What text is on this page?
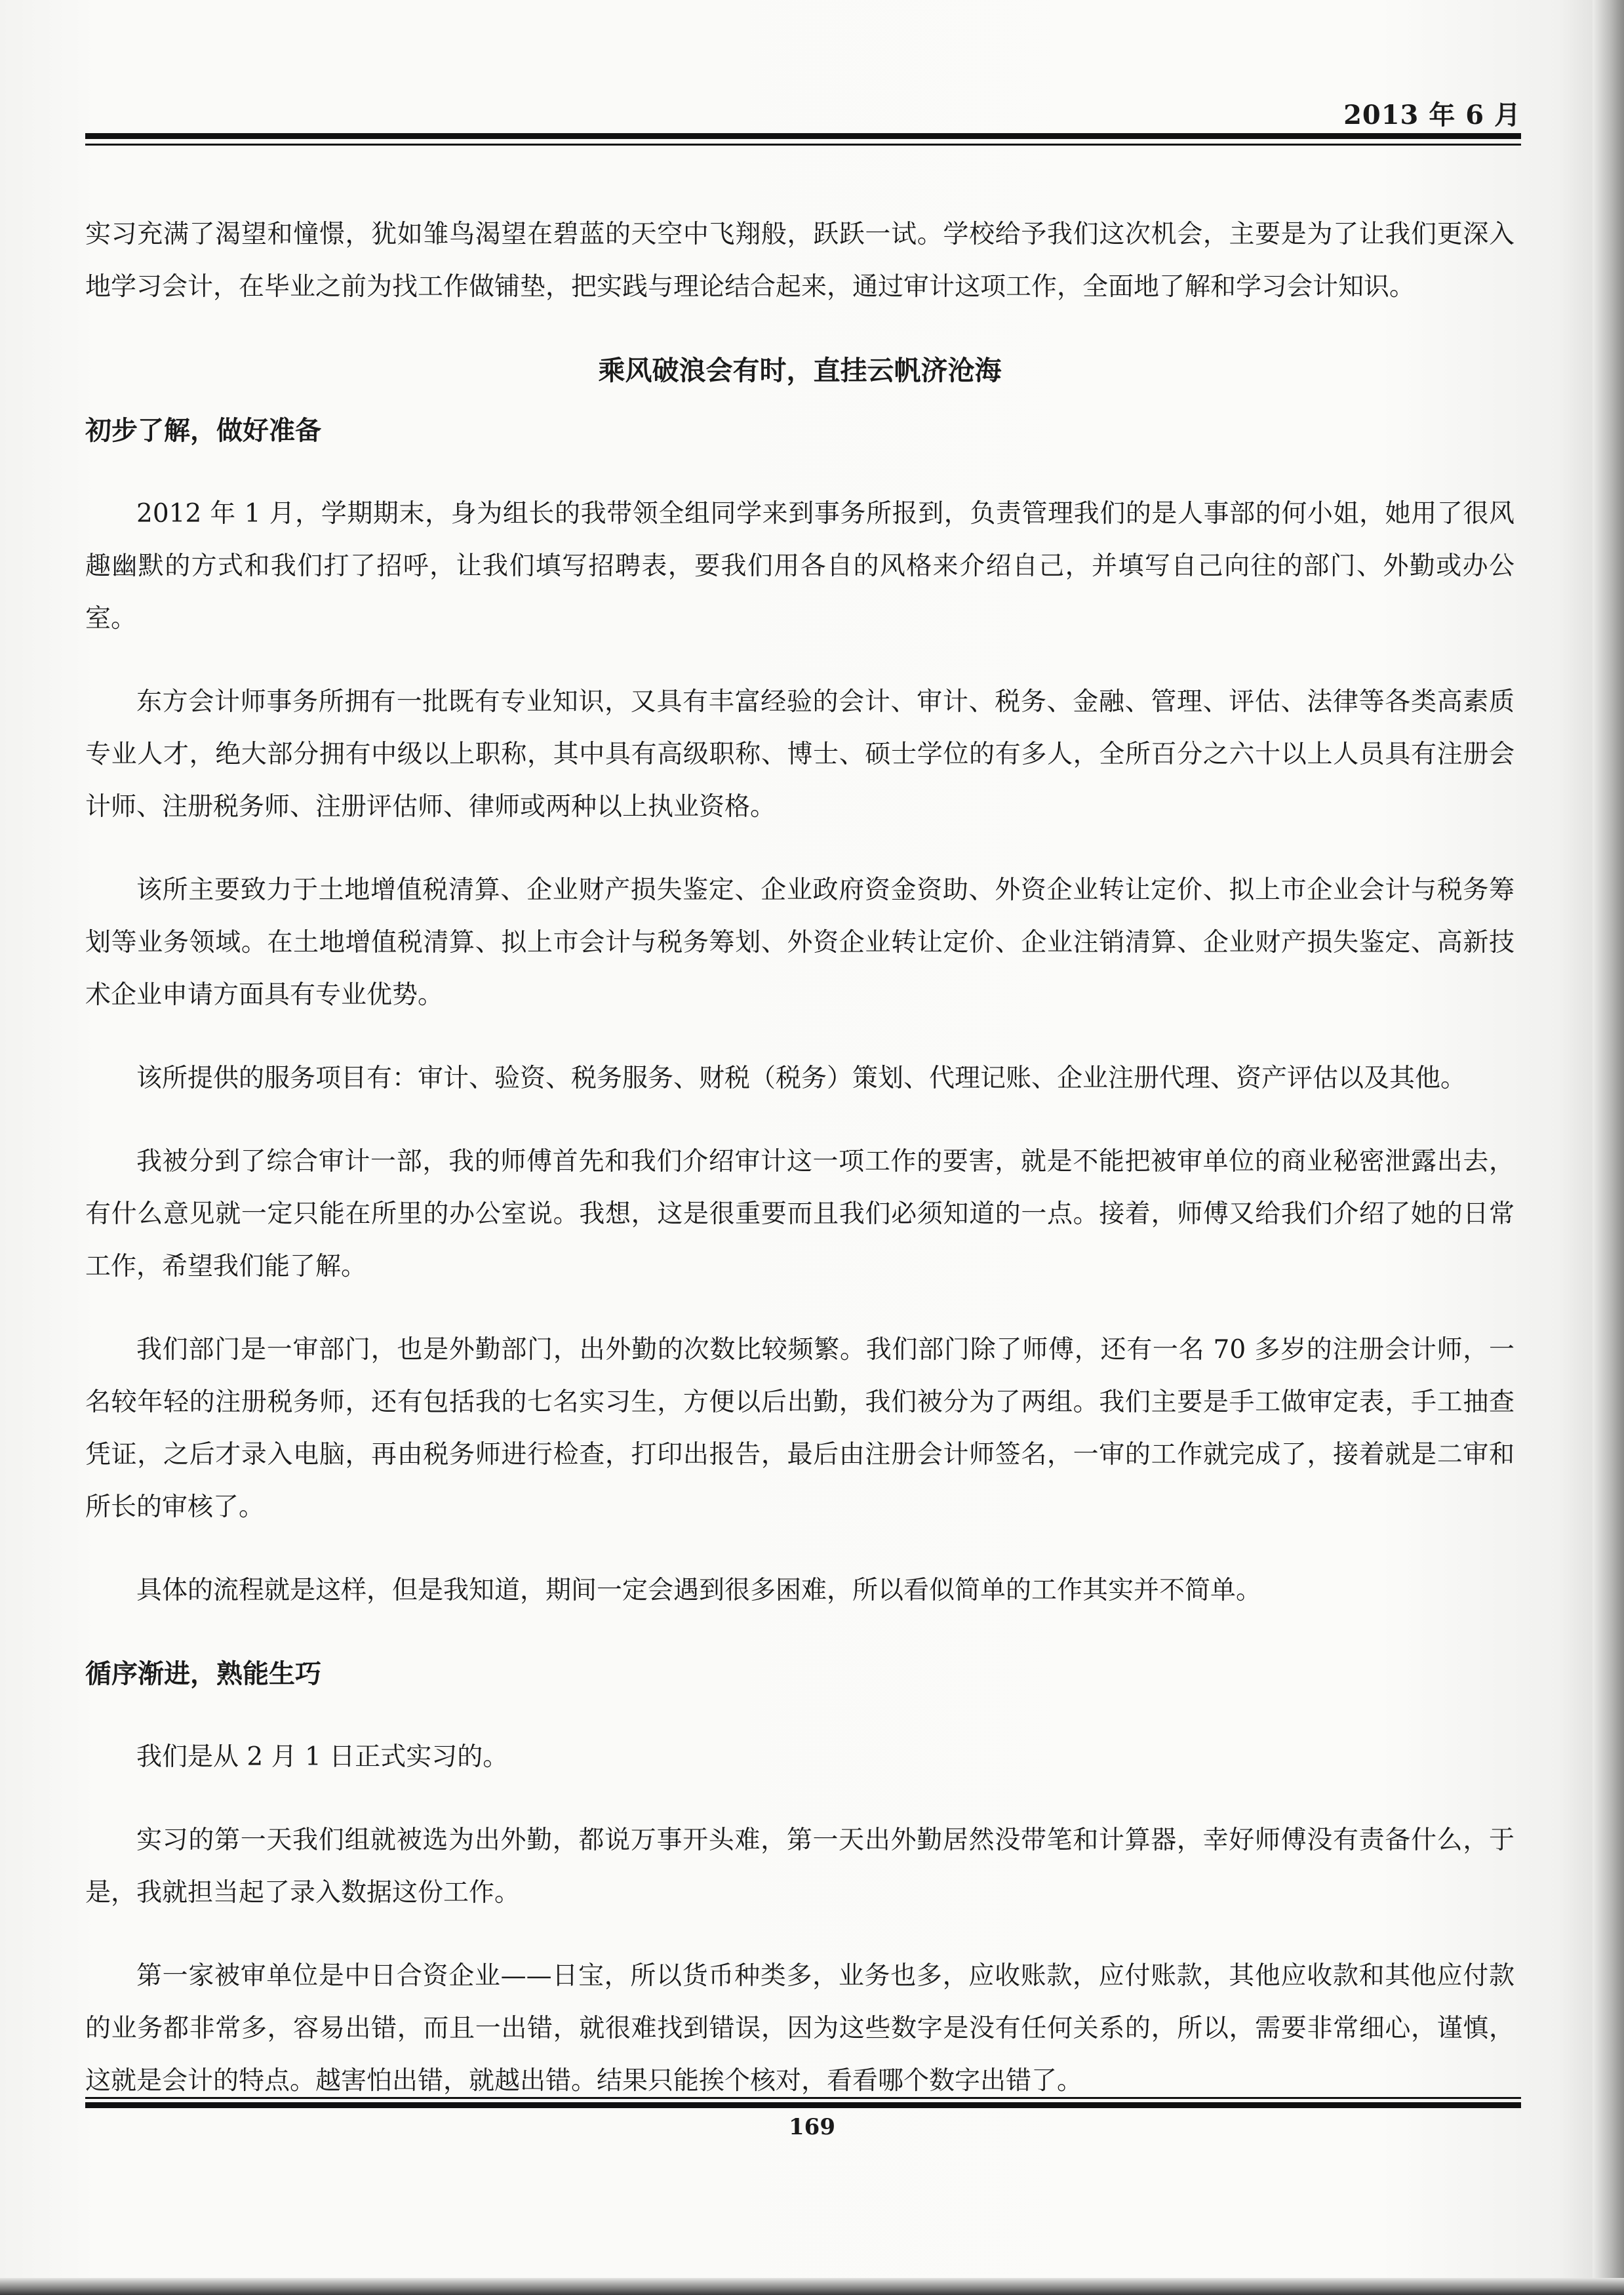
2013 年 6 月

实习充满了渴望和憧憬，犹如雏鸟渴望在碧蓝的天空中飞翔般，跃跃一试。学校给予我们这次机会，主要是为了让我们更深入地学习会计，在毕业之前为找工作做铺垫，把实践与理论结合起来，通过审计这项工作，全面地了解和学习会计知识。

乘风破浪会有时，直挂云帆济沧海
初步了解，做好准备

2012 年 1 月，学期期末，身为组长的我带领全组同学来到事务所报到，负责管理我们的是人事部的何小姐，她用了很风趣幽默的方式和我们打了招呼，让我们填写招聘表，要我们用各自的风格来介绍自己，并填写自己向往的部门、外勤或办公室。

东方会计师事务所拥有一批既有专业知识，又具有丰富经验的会计、审计、税务、金融、管理、评估、法律等各类高素质专业人才，绝大部分拥有中级以上职称，其中具有高级职称、博士、硕士学位的有多人，全所百分之六十以上人员具有注册会计师、注册税务师、注册评估师、律师或两种以上执业资格。

该所主要致力于土地增值税清算、企业财产损失鉴定、企业政府资金资助、外资企业转让定价、拟上市企业会计与税务筹划等业务领域。在土地增值税清算、拟上市会计与税务筹划、外资企业转让定价、企业注销清算、企业财产损失鉴定、高新技术企业申请方面具有专业优势。

该所提供的服务项目有：审计、验资、税务服务、财税（税务）策划、代理记账、企业注册代理、资产评估以及其他。

我被分到了综合审计一部，我的师傅首先和我们介绍审计这一项工作的要害，就是不能把被审单位的商业秘密泄露出去，有什么意见就一定只能在所里的办公室说。我想，这是很重要而且我们必须知道的一点。接着，师傅又给我们介绍了她的日常工作，希望我们能了解。

我们部门是一审部门，也是外勤部门，出外勤的次数比较频繁。我们部门除了师傅，还有一名 70 多岁的注册会计师，一名较年轻的注册税务师，还有包括我的七名实习生，方便以后出勤，我们被分为了两组。我们主要是手工做审定表，手工抽查凭证，之后才录入电脑，再由税务师进行检查，打印出报告，最后由注册会计师签名，一审的工作就完成了，接着就是二审和所长的审核了。

具体的流程就是这样，但是我知道，期间一定会遇到很多困难，所以看似简单的工作其实并不简单。

循序渐进，熟能生巧

我们是从 2 月 1 日正式实习的。

实习的第一天我们组就被选为出外勤，都说万事开头难，第一天出外勤居然没带笔和计算器，幸好师傅没有责备什么，于是，我就担当起了录入数据这份工作。

第一家被审单位是中日合资企业——日宝，所以货币种类多，业务也多，应收账款，应付账款，其他应收款和其他应付款的业务都非常多，容易出错，而且一出错，就很难找到错误，因为这些数字是没有任何关系的，所以，需要非常细心，谨慎，这就是会计的特点。越害怕出错，就越出错。结果只能挨个核对，看看哪个数字出错了。

169
